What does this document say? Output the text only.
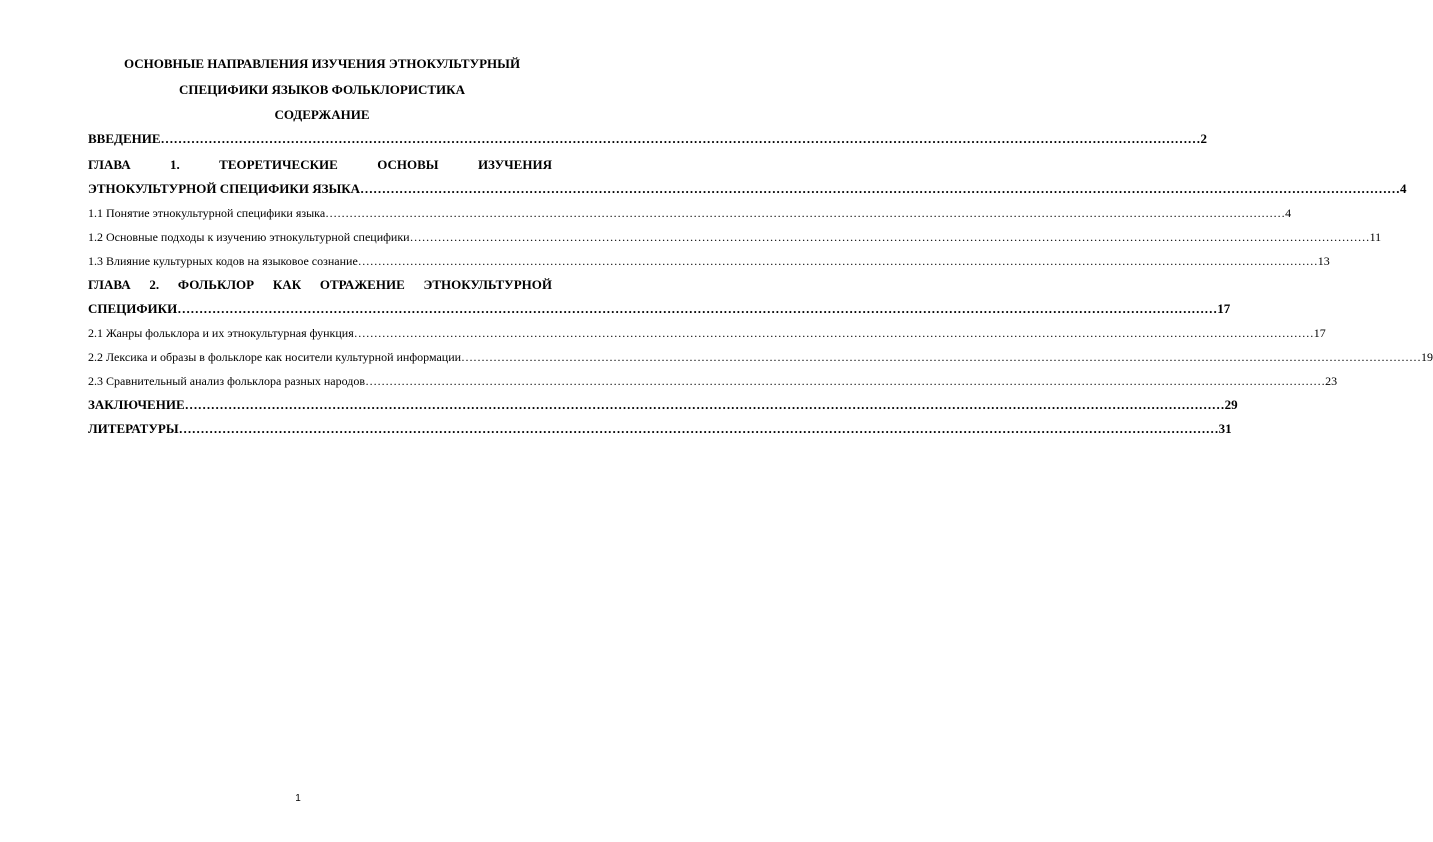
ОСНОВНЫЕ НАПРАВЛЕНИЯ ИЗУЧЕНИЯ ЭТНОКУЛЬТУРНЫЙ
СПЕЦИФИКИ ЯЗЫКОВ ФОЛЬКЛОРИСТИКА
СОДЕРЖАНИЕ
ВВЕДЕНИЕ …………………………………………………………………………………………………………………………………………………………………………………………………………………… 2
ГЛАВА	1.	ТЕОРЕТИЧЕСКИЕ	ОСНОВЫ	ИЗУЧЕНИЯ
ЭТНОКУЛЬТУРНОЙ СПЕЦИФИКИ ЯЗЫКА …………………………………………………………………………………………………………………………………………………………………………………………………………………… 4
1.1 Понятие этнокультурной специфики языка …………………………………………………………………………………………………………………………………………………………………………………………………………………… 4
1.2 Основные подходы к изучению этнокультурной специфики …………………………………………………………………………………………………………………………………………………………………………………………………………………… 11
1.3 Влияние культурных кодов на языковое сознание …………………………………………………………………………………………………………………………………………………………………………………………………………………… 13
ГЛАВА 2. ФОЛЬКЛОР КАК ОТРАЖЕНИЕ ЭТНОКУЛЬТУРНОЙ
СПЕЦИФИКИ …………………………………………………………………………………………………………………………………………………………………………………………………………………… 17
2.1 Жанры фольклора и их этнокультурная функция …………………………………………………………………………………………………………………………………………………………………………………………………………………… 17
2.2 Лексика и образы в фольклоре как носители культурной информации …………………………………………………………………………………………………………………………………………………………………………………………………………………… 19
2.3 Сравнительный анализ фольклора разных народов …………………………………………………………………………………………………………………………………………………………………………………………………………………… 23
ЗАКЛЮЧЕНИЕ …………………………………………………………………………………………………………………………………………………………………………………………………………………… 29
ЛИТЕРАТУРЫ …………………………………………………………………………………………………………………………………………………………………………………………………………………… 31
1
